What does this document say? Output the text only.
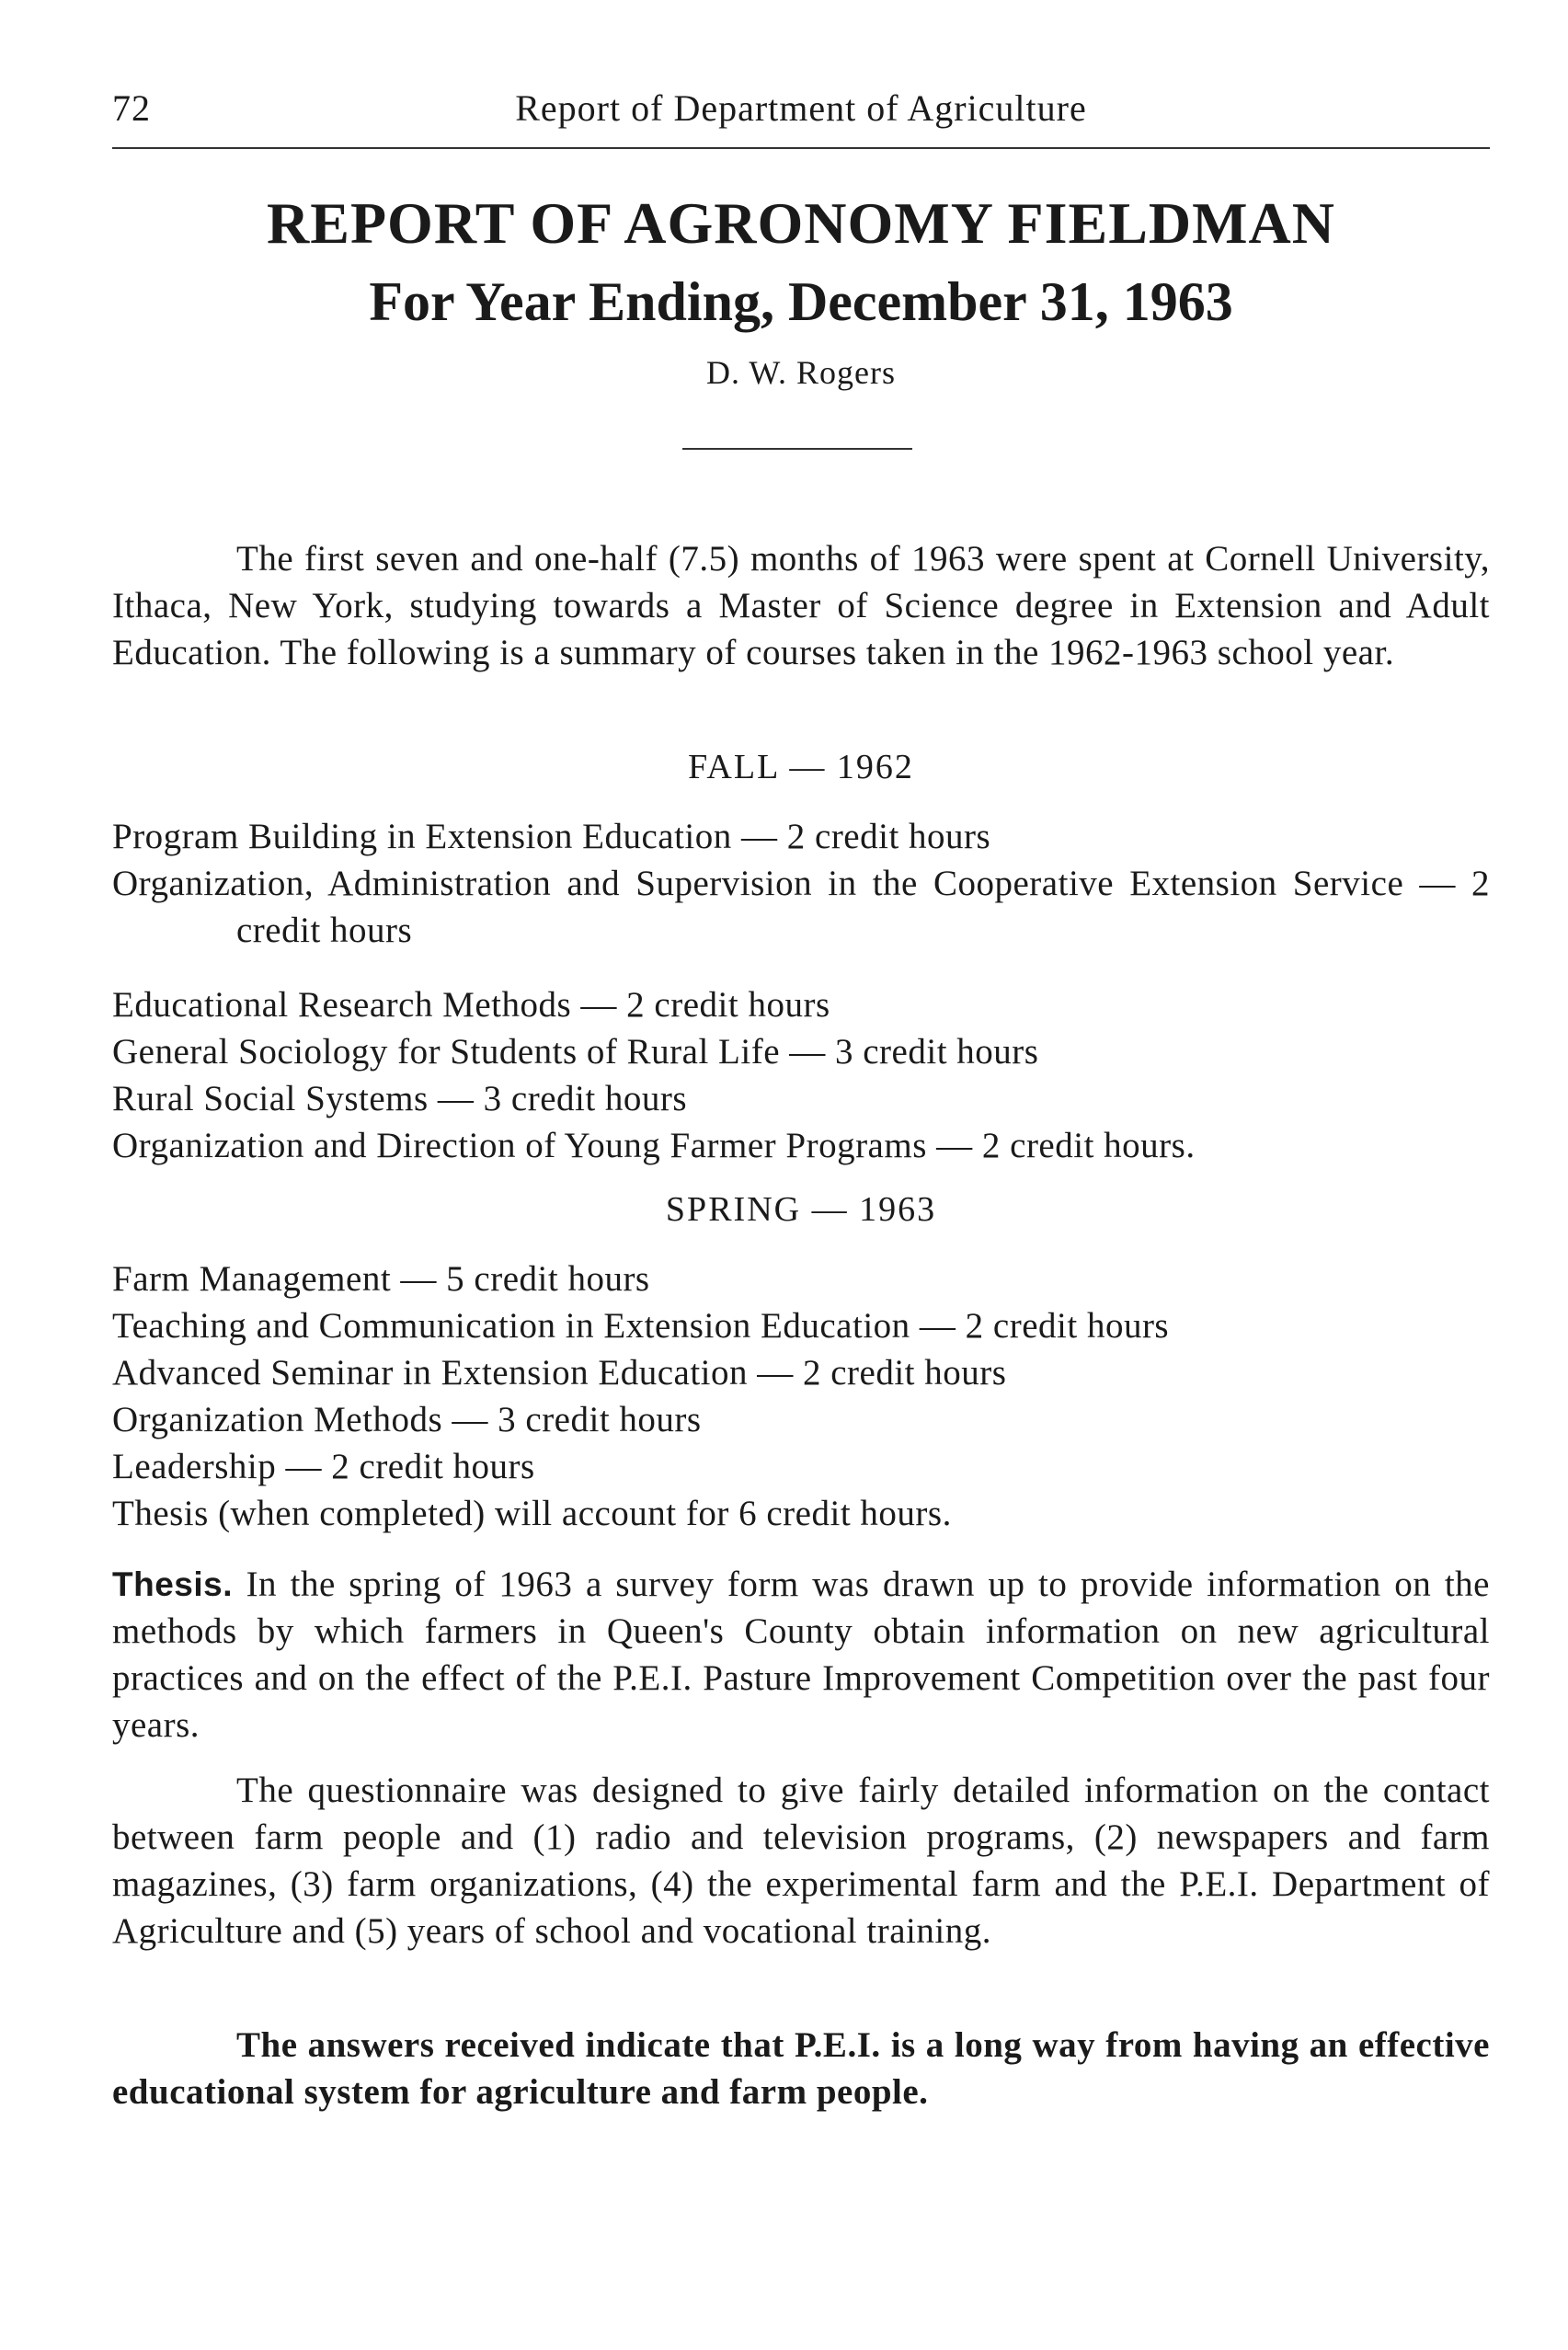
72	Report of Department of Agriculture
REPORT OF AGRONOMY FIELDMAN
For Year Ending, December 31, 1963
D. W. Rogers

The first seven and one-half (7.5) months of 1963 were spent at Cornell University, Ithaca, New York, studying towards a Master of Science degree in Extension and Adult Education. The following is a summary of courses taken in the 1962-1963 school year.

FALL — 1962
Program Building in Extension Education — 2 credit hours
Organization, Administration and Supervision in the Cooperative Extension Service — 2 credit hours
Educational Research Methods — 2 credit hours
General Sociology for Students of Rural Life — 3 credit hours
Rural Social Systems — 3 credit hours
Organization and Direction of Young Farmer Programs — 2 credit hours.
SPRING — 1963
Farm Management — 5 credit hours
Teaching and Communication in Extension Education — 2 credit hours
Advanced Seminar in Extension Education — 2 credit hours
Organization Methods — 3 credit hours
Leadership — 2 credit hours
Thesis (when completed) will account for 6 credit hours.

Thesis. In the spring of 1963 a survey form was drawn up to provide information on the methods by which farmers in Queen's County obtain information on new agricultural practices and on the effect of the P.E.I. Pasture Improvement Competition over the past four years.

The questionnaire was designed to give fairly detailed information on the contact between farm people and (1) radio and television programs, (2) newspapers and farm magazines, (3) farm organizations, (4) the experimental farm and the P.E.I. Department of Agriculture and (5) years of school and vocational training.

The answers received indicate that P.E.I. is a long way from having an effective educational system for agriculture and farm people.
